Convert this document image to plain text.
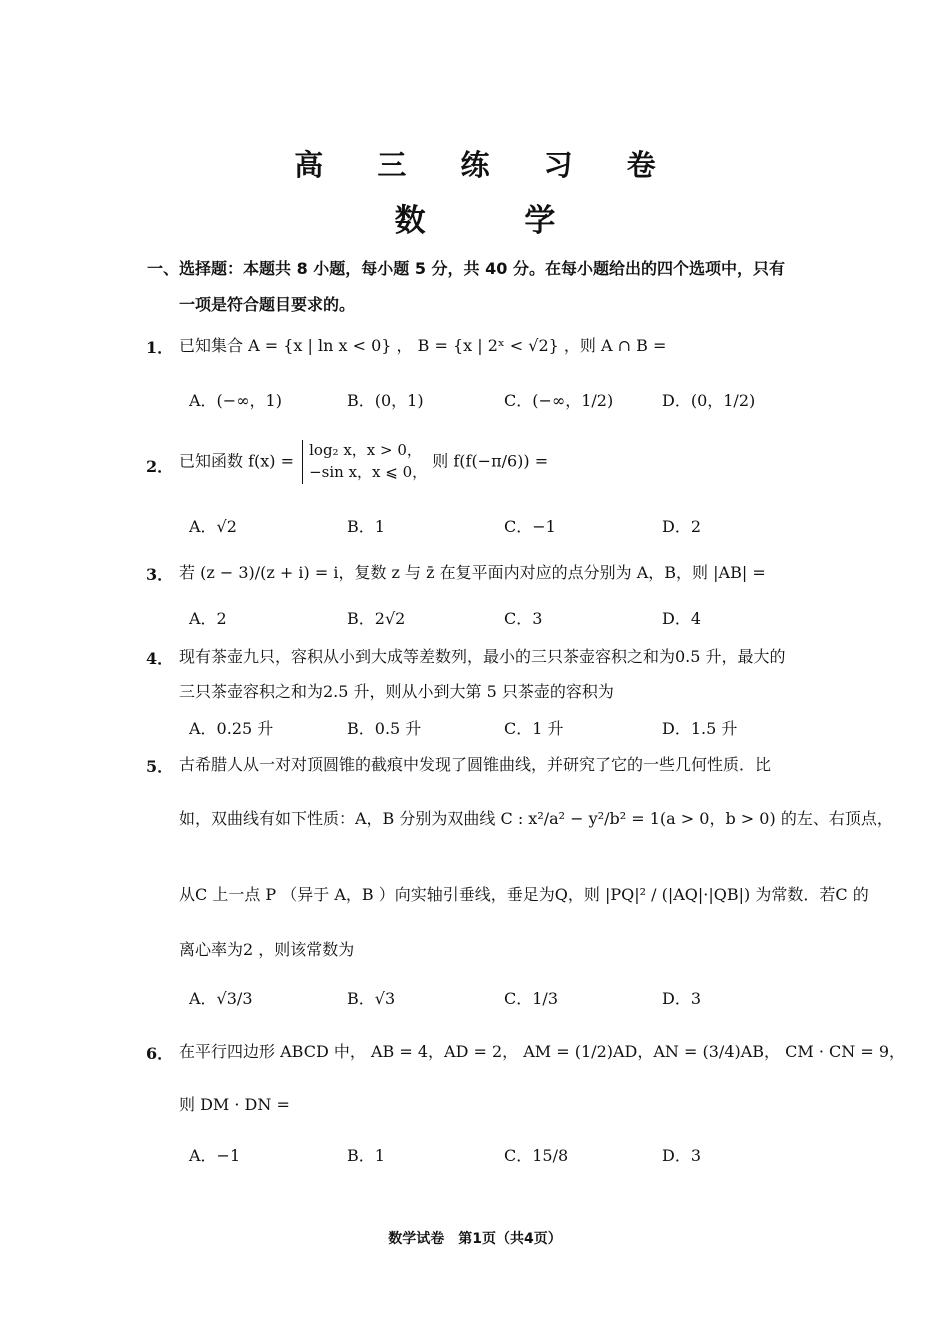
高 三 练 习 卷
数 学
一、选择题：本题共 8 小题，每小题 5 分，共 40 分。在每小题给出的四个选项中，只有
一项是符合题目要求的。
1． 已知集合 A = {x | ln x < 0} ， B = {x | 2ˣ < √2} ，则 A ∩ B =
A．(−∞，1)	B．(0，1)	C．(−∞，1/2)	D．(0，1/2)
2． 已知函数 f(x) =
log₂ x，x > 0，
−sin x，x ⩽ 0，
则 f(f(−π/6)) =
A．√2	B．1	C．−1	D．2
3． 若 (z − 3)/(z + i) = i，复数 z 与 z̄ 在复平面内对应的点分别为 A，B，则 |AB| =
A．2	B．2√2	C．3	D．4
4． 现有茶壶九只，容积从小到大成等差数列，最小的三只茶壶容积之和为0.5 升，最大的
三只茶壶容积之和为2.5 升，则从小到大第 5 只茶壶的容积为
A．0.25 升	B．0.5 升	C．1 升	D．1.5 升
5． 古希腊人从一对对顶圆锥的截痕中发现了圆锥曲线，并研究了它的一些几何性质．比
如，双曲线有如下性质：A，B 分别为双曲线 C : x²/a² − y²/b² = 1(a > 0，b > 0) 的左、右顶点，
从C 上一点 P （异于 A，B ）向实轴引垂线，垂足为Q，则 |PQ|² / (|AQ|·|QB|) 为常数．若C 的
离心率为2 ，则该常数为
A．√3/3	B．√3	C．1/3	D．3
6． 在平行四边形 ABCD 中， AB = 4，AD = 2， AM = (1/2)AD，AN = (3/4)AB， CM · CN = 9，
则 DM · DN =
A．−1	B．1	C．15/8	D．3
数学试卷　第1页（共4页）
